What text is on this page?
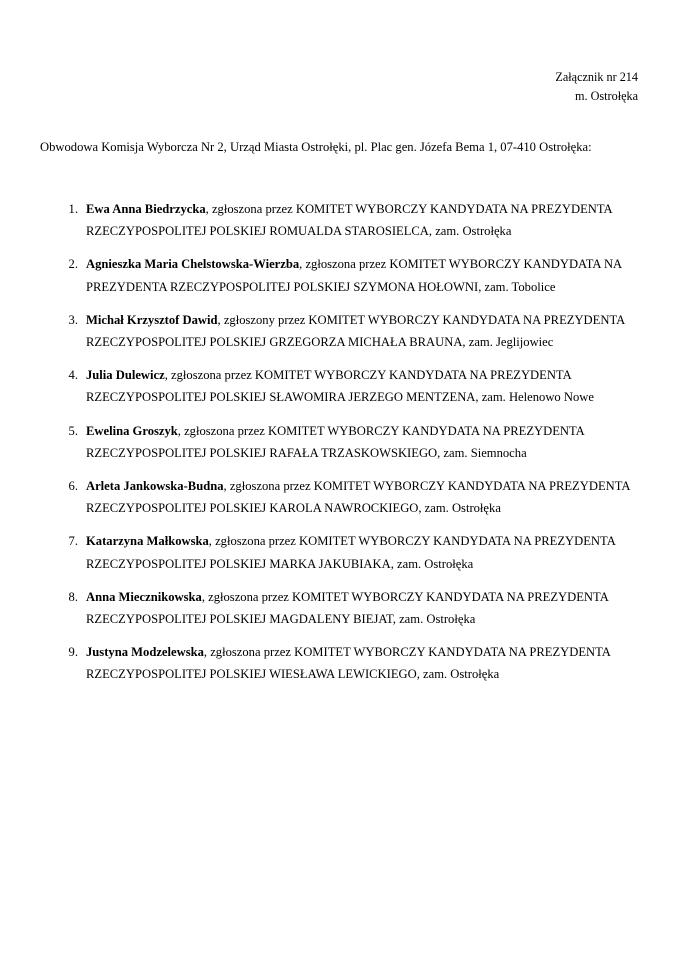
Załącznik nr 214
m. Ostrołęka

Obwodowa Komisja Wyborcza Nr 2, Urząd Miasta Ostrołęki, pl. Plac gen. Józefa Bema 1, 07-410 Ostrołęka:

1. Ewa Anna Biedrzycka, zgłoszona przez KOMITET WYBORCZY KANDYDATA NA PREZYDENTA RZECZYPOSPOLITEJ POLSKIEJ ROMUALDA STAROSIELCA, zam. Ostrołęka
2. Agnieszka Maria Chelstowska-Wierzba, zgłoszona przez KOMITET WYBORCZY KANDYDATA NA PREZYDENTA RZECZYPOSPOLITEJ POLSKIEJ SZYMONA HOŁOWNI, zam. Tobolice
3. Michał Krzysztof Dawid, zgłoszony przez KOMITET WYBORCZY KANDYDATA NA PREZYDENTA RZECZYPOSPOLITEJ POLSKIEJ GRZEGORZA MICHAŁA BRAUNA, zam. Jeglijowiec
4. Julia Dulewicz, zgłoszona przez KOMITET WYBORCZY KANDYDATA NA PREZYDENTA RZECZYPOSPOLITEJ POLSKIEJ SŁAWOMIRA JERZEGO MENTZENA, zam. Helenowo Nowe
5. Ewelina Groszyk, zgłoszona przez KOMITET WYBORCZY KANDYDATA NA PREZYDENTA RZECZYPOSPOLITEJ POLSKIEJ RAFAŁA TRZASKOWSKIEGO, zam. Siemnocha
6. Arleta Jankowska-Budna, zgłoszona przez KOMITET WYBORCZY KANDYDATA NA PREZYDENTA RZECZYPOSPOLITEJ POLSKIEJ KAROLA NAWROCKIEGO, zam. Ostrołęka
7. Katarzyna Małkowska, zgłoszona przez KOMITET WYBORCZY KANDYDATA NA PREZYDENTA RZECZYPOSPOLITEJ POLSKIEJ MARKA JAKUBIAKA, zam. Ostrołęka
8. Anna Miecznikowska, zgłoszona przez KOMITET WYBORCZY KANDYDATA NA PREZYDENTA RZECZYPOSPOLITEJ POLSKIEJ MAGDALENY BIEJAT, zam. Ostrołęka
9. Justyna Modzelewska, zgłoszona przez KOMITET WYBORCZY KANDYDATA NA PREZYDENTA RZECZYPOSPOLITEJ POLSKIEJ WIESŁAWA LEWICKIEGO, zam. Ostrołęka
